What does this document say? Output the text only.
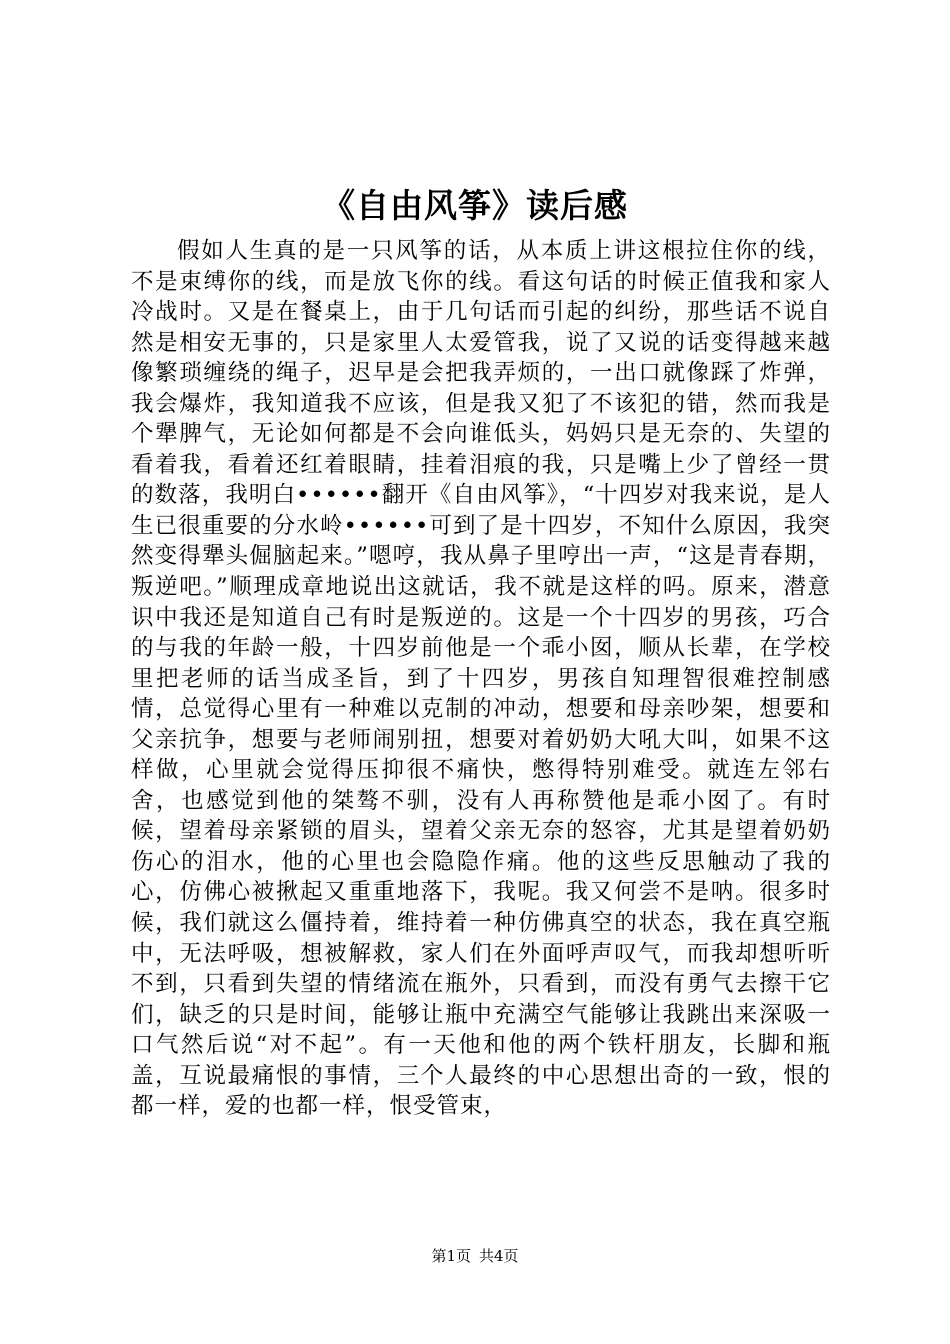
《自由风筝》读后感

假如人生真的是一只风筝的话，从本质上讲这根拉住你的线，不是束缚你的线，而是放飞你的线。看这句话的时候正值我和家人冷战时。又是在餐桌上，由于几句话而引起的纠纷，那些话不说自然是相安无事的，只是家里人太爱管我，说了又说的话变得越来越像繁琐缠绕的绳子，迟早是会把我弄烦的，一出口就像踩了炸弹，我会爆炸，我知道我不应该，但是我又犯了不该犯的错，然而我是个犟脾气，无论如何都是不会向谁低头，妈妈只是无奈的、失望的看着我，看着还红着眼睛，挂着泪痕的我，只是嘴上少了曾经一贯的数落，我明白••••••翻开《自由风筝》，“十四岁对我来说，是人生已很重要的分水岭••••••可到了是十四岁，不知什么原因，我突然变得犟头倔脑起来。”嗯哼，我从鼻子里哼出一声，“这是青春期，叛逆吧。”顺理成章地说出这就话，我不就是这样的吗。原来，潜意识中我还是知道自己有时是叛逆的。这是一个十四岁的男孩，巧合的与我的年龄一般，十四岁前他是一个乖小囡，顺从长辈，在学校里把老师的话当成圣旨，到了十四岁，男孩自知理智很难控制感情，总觉得心里有一种难以克制的冲动，想要和母亲吵架，想要和父亲抗争，想要与老师闹别扭，想要对着奶奶大吼大叫，如果不这样做，心里就会觉得压抑很不痛快，憋得特别难受。就连左邻右舍，也感觉到他的桀骜不驯，没有人再称赞他是乖小囡了。有时候，望着母亲紧锁的眉头，望着父亲无奈的怒容，尤其是望着奶奶伤心的泪水，他的心里也会隐隐作痛。他的这些反思触动了我的心，仿佛心被揪起又重重地落下，我呢。我又何尝不是呐。很多时候，我们就这么僵持着，维持着一种仿佛真空的状态，我在真空瓶中，无法呼吸，想被解救，家人们在外面呼声叹气，而我却想听听不到，只看到失望的情绪流在瓶外，只看到，而没有勇气去擦干它们，缺乏的只是时间，能够让瓶中充满空气能够让我跳出来深吸一口气然后说“对不起”。有一天他和他的两个铁杆朋友，长脚和瓶盖，互说最痛恨的事情，三个人最终的中心思想出奇的一致，恨的都一样，爱的也都一样，恨受管束，

第1页 共4页
